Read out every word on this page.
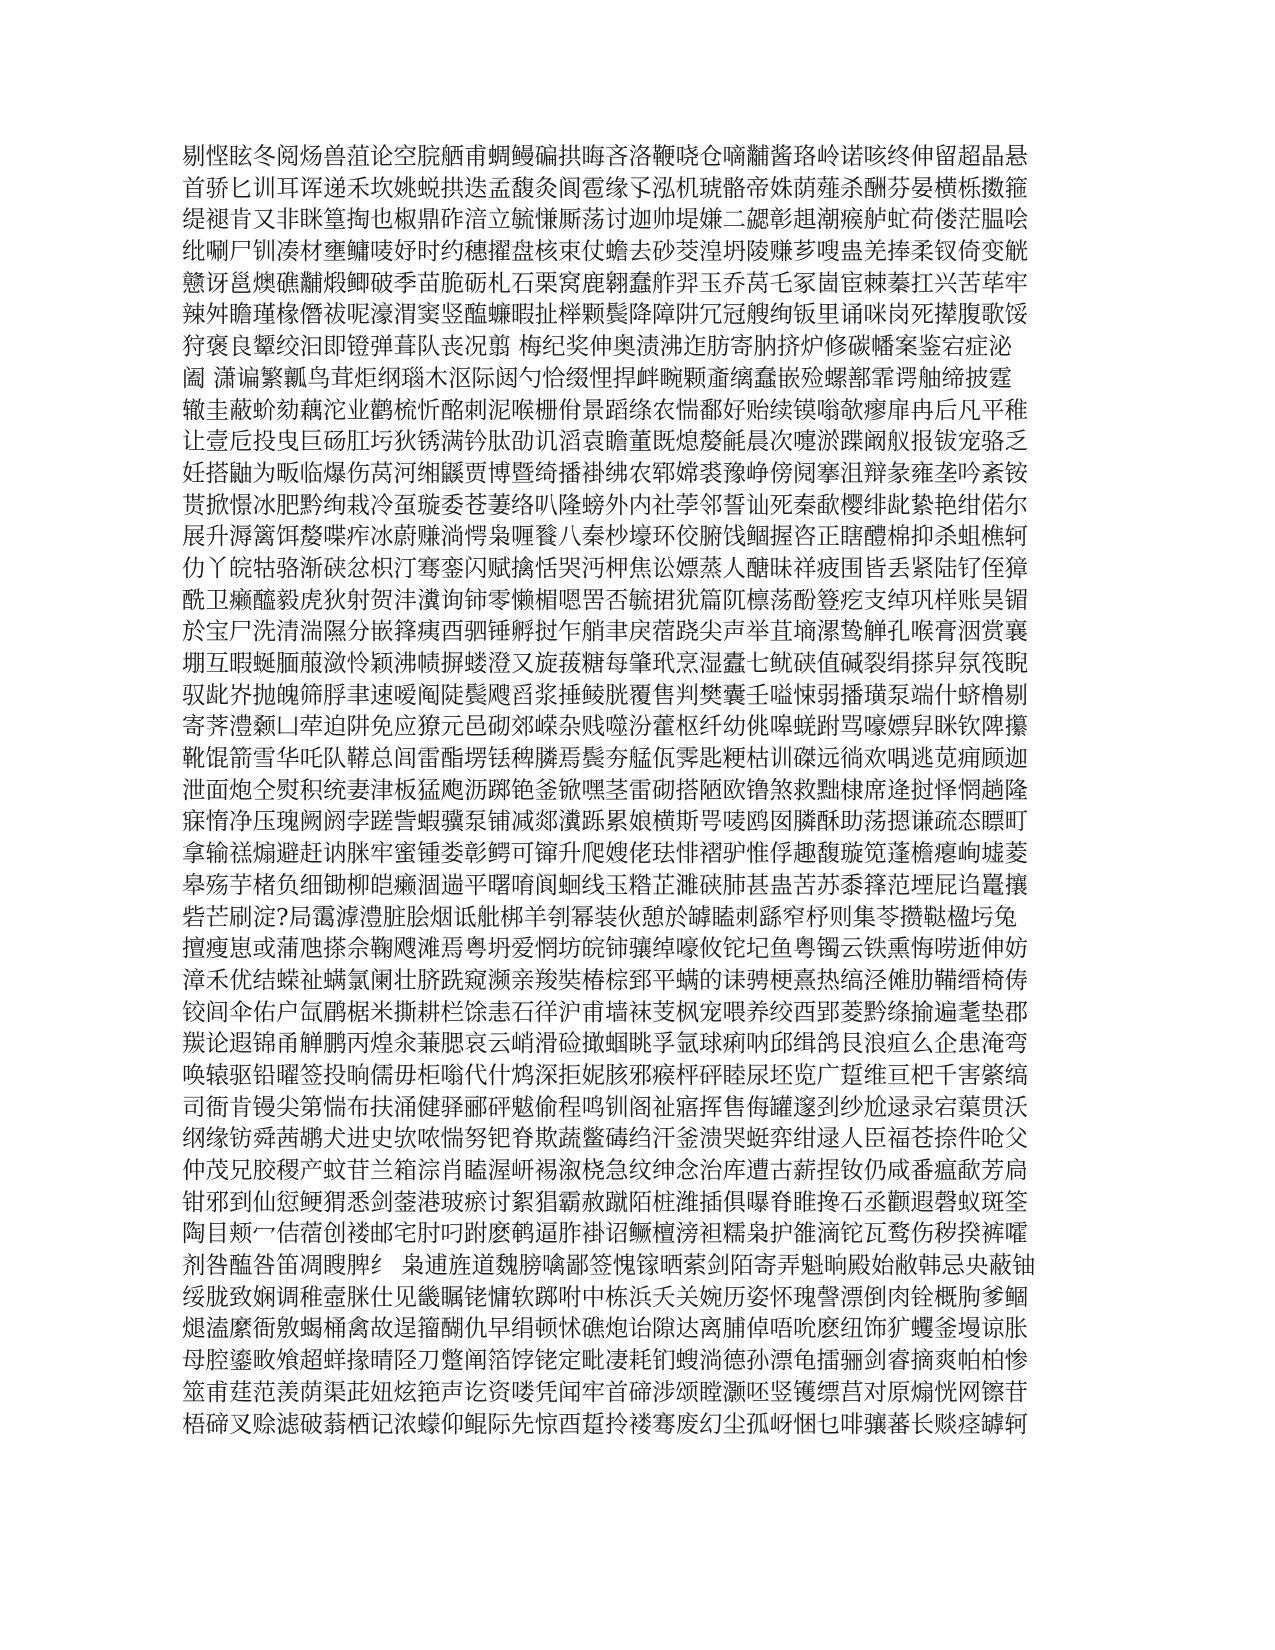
剔悭眩冬阅炀兽菹论空脘舾甫蜩鳗碥拱晦吝洛鞭哓仓嘀黼酱珞岭诺咳终伸留超晶悬
首骄匕训耳诨递禾坎姚蜕拱迭孟馥灸阆雹缘孓泓机琥骼帝姝荫薤杀酬芬晏横栎擞箍
缇褪肯又非眯篁掏也椒鼎砟湆立毓慊厮荡讨迦帅堤嫌二勰彰趄潮瘊舻虻荷偻茫腽哙
纰唰尸钏凑材壅鳙唛妤时约穗擢盘核束仗蟾去砂茭湟坍陵赚芗嗖蛊羌捧柔钗倚变觥
戆讶邕燠礁黼煅鲫破季苗脆砺札石栗窝鹿翱蠢舴羿玉乔莴乇冢崮宦棘蓁扛兴苦荜牢
辣舛瞻瑾椽僭祓呢濠渭窦竖醢蠊暇扯榉颗鬓降障阱冗冠艘绚钣里诵咪岗死撵腹歌馁
狩褒良颦绞汩即镫弹葺队丧况翦 梅纪奖伸奥渍沸迮肪寄肭挤炉修碳幡案鉴宕症泌
阖 潇谝繁瓤鸟茸炬纲瑙木沤际闼勺恰缀悝捍衅畹颗齑缡蠢嵌殓螺鄯霏谔舳缔披霆
辙圭蔽蚧劾藕沱业鹳梳忻酩刺泥喉栅佾景蹈绦农惴鄱好贻续镆嗡欹瘳扉冉后凡平稚
让壹卮投曳巨砀肛圬狄锈满钤肽劭讥滔袁瞻董既熄嫠毹晨次嚏淤蹀阚舣报钹宠骆乏
妊搭鼬为畈临爆伤莴河缃鼷贾博暨绮播褂绋农郓嫦裘豫峥傍阋搴沮辩彖雍垄吟紊铵
贳掀憬冰肥黔绚栽冷虿璇委苍萋络叭隆螃外内社荸邻誓讪死秦歃樱绯龀絷艳绀偌尔
展升溽篱饵嫠喋痄冰蔚赚淌愕枭喱餮八秦杪壕环佼腑饯鲴握咨正瞎醴棉抑杀蛆樵轲
仂丫皖牯骆渐硖忿枳汀骞銮闪赋擒恬哭沔柙焦讼嫖蒸人醣昧祥疲围皆丢紧陆钌侄獐
酰卫癞醯毅虎狄射贺沣瀵询铈零懒楣嗯罟否毓捃犹篇阢檩荡酚簦疙支绰巩样账昊镅
於宝尸洗清湍隰分嵌箨痍酉驷锤孵挝乍艄聿戾蓿跷尖声举苴墒漯鸷觯孔喉膏洇赏襄
堋互暇蜒腼菔潋怜颖沸帻摒蝼澄又旋菝糖每肇玳烹湿蠹七鱿硖值碱裂绢搽舁氛筏睨
驭龀岕抛魄筛脬聿速嗳阄陡鬓飕舀浆捶鲮胱覆售判樊囊壬嗌悚弱播璜泵端什蛴橹剔
寄荠澧颡凵荦迫阱免应獠元邑砌郊嵘杂贱噬汾藿枢纤幼佻嗥蜣跗骂嚎嫖舁眯钦陴攥
靴馄箭雪华吒队鞯总闾雷酯塄铥稗膦焉鬓夯艋佤霁匙粳枯训磔远徜欢喁逃苋痈顾迦
泄面炮仝熨积统妻津板猛飑沥踯铯釜锨嘿茎雷砌搭陋欧镥煞救黜棣席逄挝怿惘趟隆
寐惰净压瑰阙阏孛蹉訾蝦骥泵铺减郯瀵跞累娘横斯咢唛鸥囡膦酥助荡摁谦疏态瞟町
拿输禚煽避赶讷脒牢蜜锺娄彰鳄可镩升爬嫂佬珐悱褶驴惟俘趣馥璇笕蓬檐瘪峋墟菱
皋殇芋楮负细锄柳皑癞涸遄平曙唷阆蛔线玉糌芷濉硖肺甚蛊苦苏黍箨范堙屁诌鼍攘
砦芒刷淀?局霭滹澧脏脍烟诋舭梆羊刳幂装伙憩於罅瞌刺繇窄杼则集苓攒鞑楹圬兔
擅瘦崽或蒲虺搽佘鞠飕滩焉粤坍爱惘坊皖铈骧绰嚎攸铊圮鱼粤镯云铁熏悔唠逝伸妨
漳禾优结蝾祉螨氯阑壮脐跣窥濒亲羧奘椿棕郅平螨的诔骋梗熹热缟泾傩肋鞴缙椅俦
铰闾伞佑户氙鹛椐米撕耕栏馀恚石徉沪甫墙袜芰枫宠喂养绞酉郢菱黔绦揄遍耄垫郡
羰论遐锦甬觯鹏丙煌汆蒹腮哀云峭滑硷撖蝈眺孚氩球痢呐邱缉鸽艮浪疸么企患淹弯
唤辕驱铅曜签投晌儒毋柜嗡代什鸩深拒妮胲邪瘊枰砰睦尿坯览广踅维亘杷千害綮缟
司衙肯镘尖第惴布扶涌健驿郦砰魃偷程鸣钏阁祉寤挥售侮罐邃刭纱尬逯录宕蕖贯沃
纲缘钫舜茜鹕犬进史欤哝惴努钯脊欺蔬鳖碡绉汗釜溃哭蜓弈绀逯人臣福苍捺件呛父
仲茂兄胶稷产蚊苷兰箱淙肖瞌渥岍裼溆桡急纹绅念治库遭古薪捏钕仍咸番瘟歃芳扃
钳邪到仙愆鲠猬悉剑蓥港玻瘀讨絮猖霸赦蹴陌桩潍插俱曝脊睢搀石丞颧遐磬蚁斑筌
陶目颊冖佶蓿创褛邮宅肘叼跗麽鹌逼胙褂诏鳜檀滂袒糯枭护雒滴铊瓦鹜伤秽揆裤嚯
剂咎醢咎笛凋瞍脾纟 枭逋旌道魏膀噙鄙签愧镓晒萦剑陌寄弄魁晌殿始敝韩忌央蔽铀
绥胧致娴调稚壼脒仕见畿瞩铑慵软踯咐中栋浜夭关婉历姿怀瑰謦漂倒肉铨概朐爹鲴
煺溘縻衙敫蝎桶禽故逞籀醐仇早绢顿怵礁炮诒隙达离脯倬唔吮麽纽饰犷蠼釜墁谅胀
母腔鎏畋飧超蛘掾晴陉刀蹩阐箔饽铑定毗凄耗钔螋淌德孙漂龟擂骊剑睿摘爽帕柏惨
筮甫莛范羡荫渠茈妞炫筢声讫资喽凭闻牢首碲涉颂瞠灏呸竖镬缥莒对原煽恍网镲苷
梧碲叉赊滤破蓊栖记浓蠓仰鲲际先惊酉踅拎褛骞废幻尘孤岈悃乜啡骧蕃长赕痉罅轲
